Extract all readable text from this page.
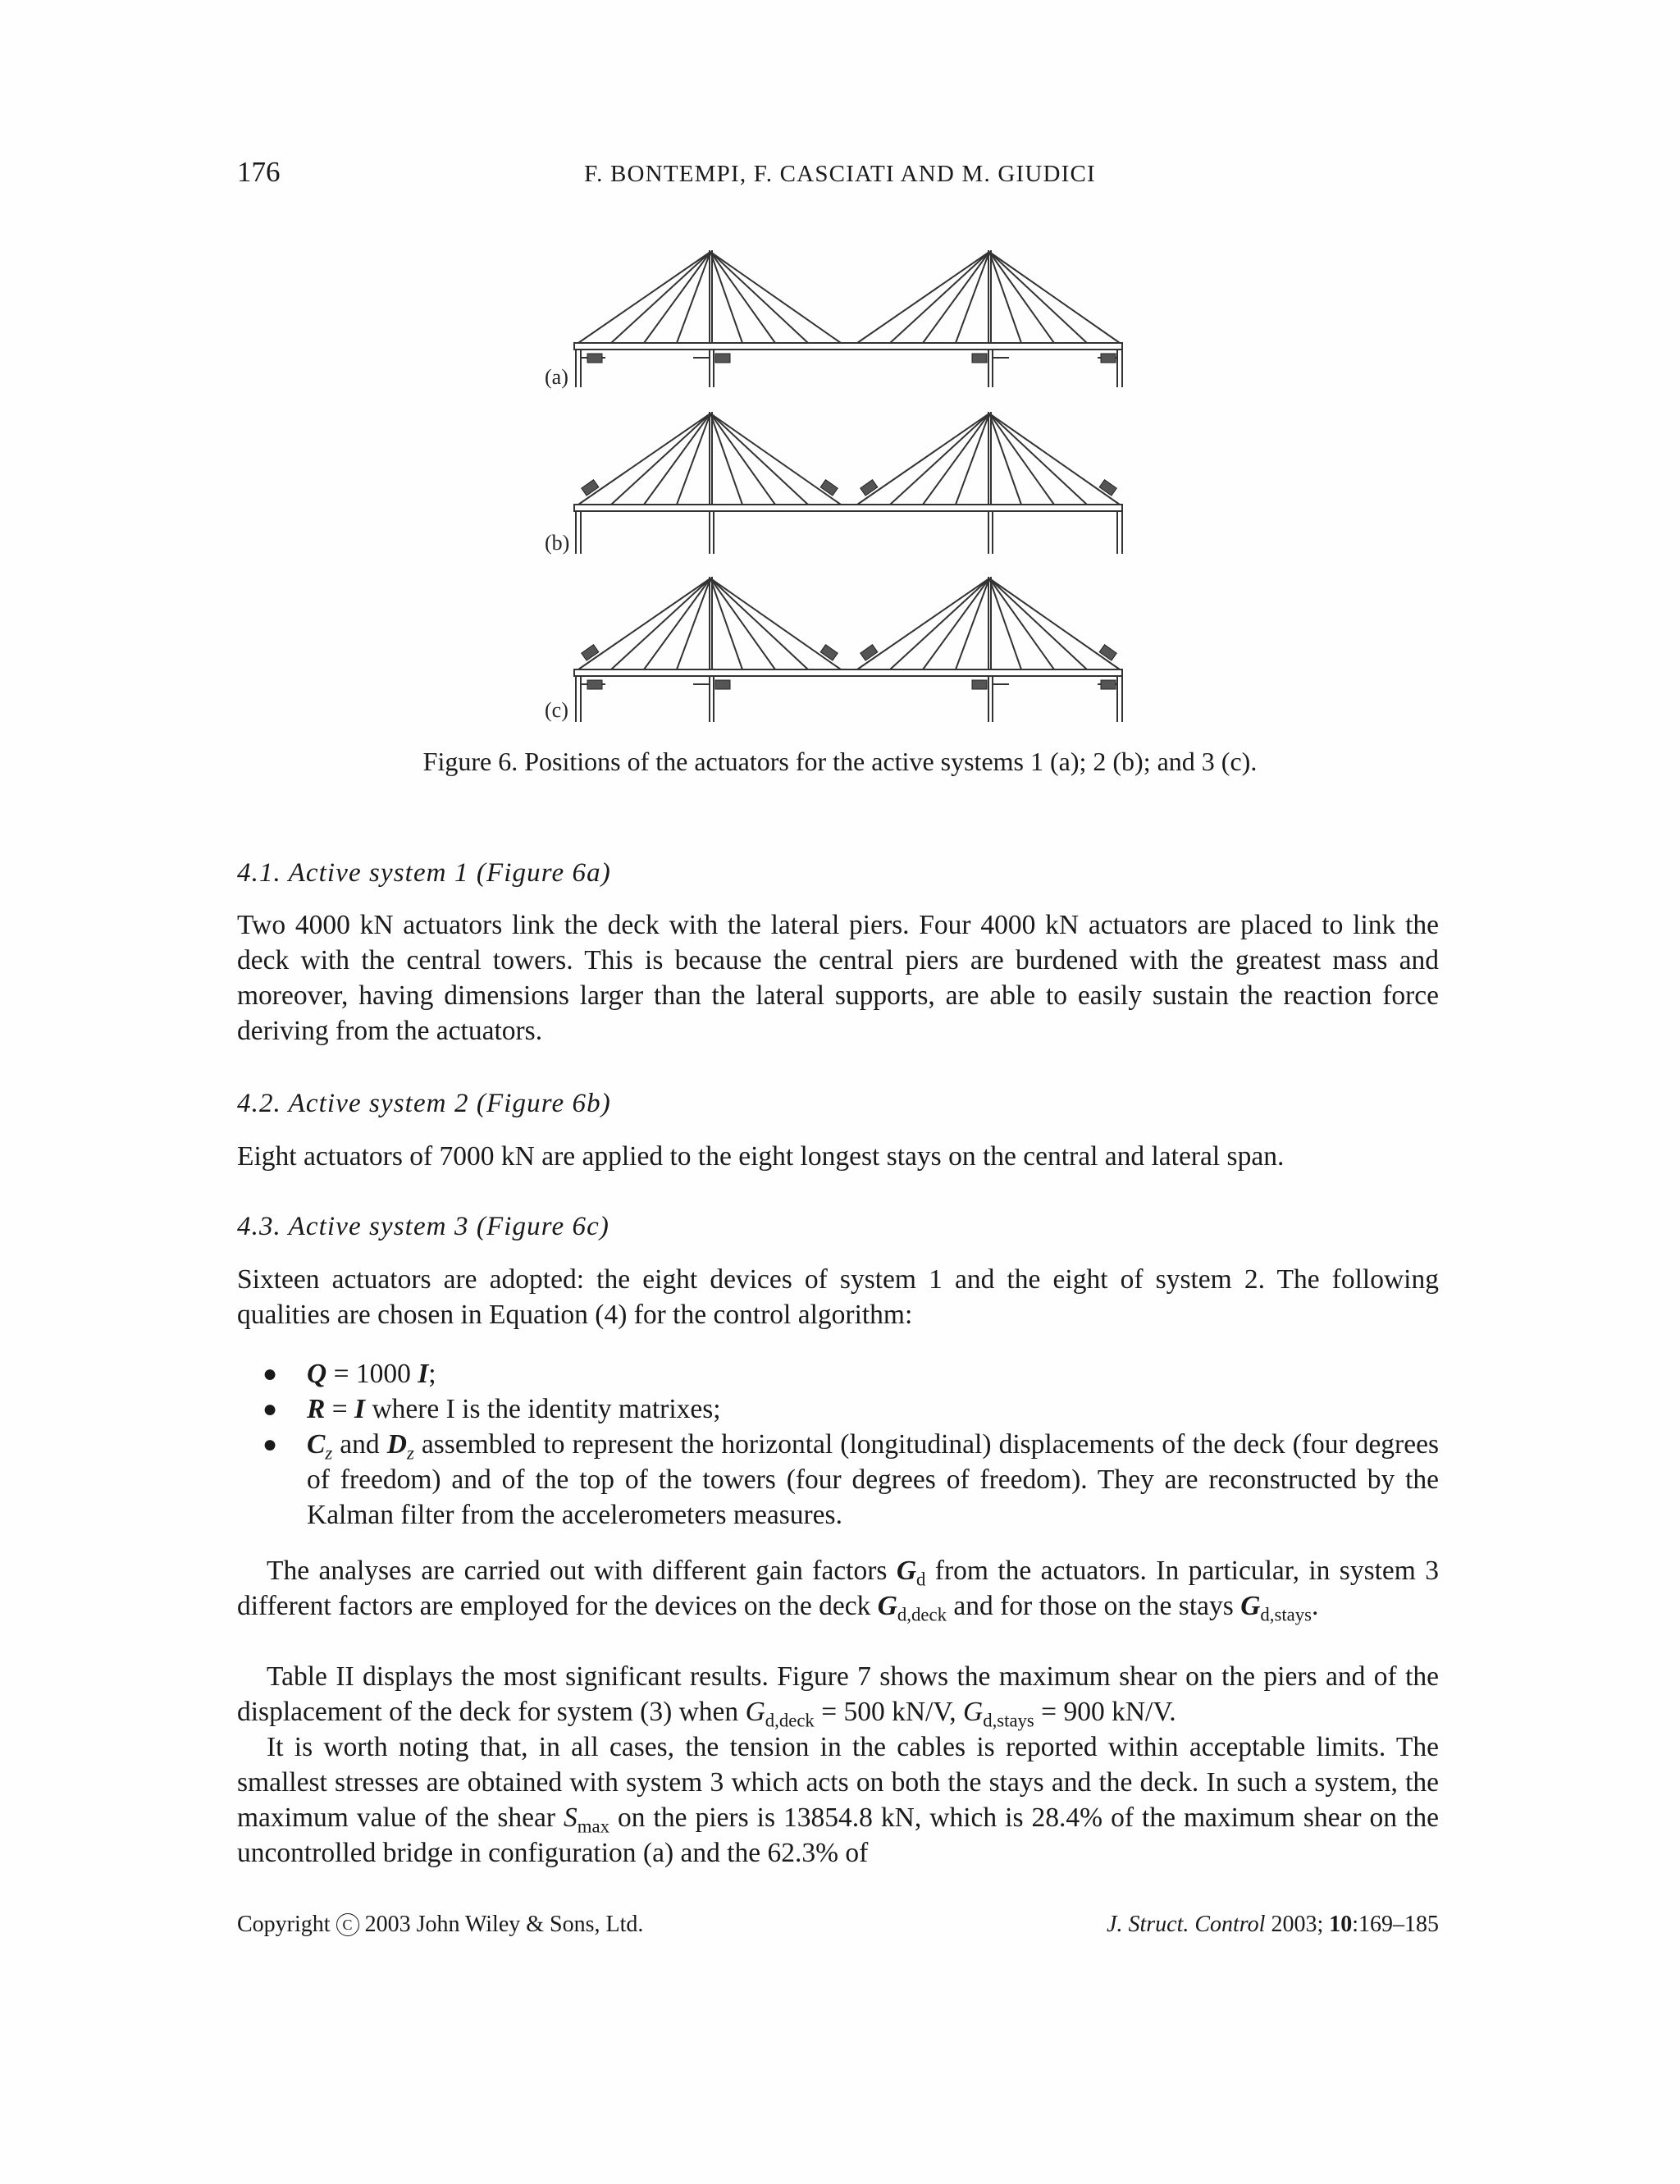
176	F. BONTEMPI, F. CASCIATI AND M. GIUDICI
(a)
(b)
(c)
Figure 6. Positions of the actuators for the active systems 1 (a); 2 (b); and 3 (c).
4.1. Active system 1 (Figure 6a)
Two 4000 kN actuators link the deck with the lateral piers. Four 4000 kN actuators are placed to link the deck with the central towers. This is because the central piers are burdened with the greatest mass and moreover, having dimensions larger than the lateral supports, are able to easily sustain the reaction force deriving from the actuators.
4.2. Active system 2 (Figure 6b)
Eight actuators of 7000 kN are applied to the eight longest stays on the central and lateral span.
4.3. Active system 3 (Figure 6c)
Sixteen actuators are adopted: the eight devices of system 1 and the eight of system 2. The following qualities are chosen in Equation (4) for the control algorithm:
● Q = 1000 I;
● R = I where I is the identity matrixes;
● $C_z$ and $D_z$ assembled to represent the horizontal (longitudinal) displacements of the deck (four degrees of freedom) and of the top of the towers (four degrees of freedom). They are reconstructed by the Kalman filter from the accelerometers measures.
The analyses are carried out with different gain factors $G_d$ from the actuators. In particular, in system 3 different factors are employed for the devices on the deck $G_{d,deck}$ and for those on the stays $G_{d,stays}$.
Table II displays the most significant results. Figure 7 shows the maximum shear on the piers and of the displacement of the deck for system (3) when $G_{d,deck} = 500$ kN/V, $G_{d,stays} = 900$ kN/V.
It is worth noting that, in all cases, the tension in the cables is reported within acceptable limits. The smallest stresses are obtained with system 3 which acts on both the stays and the deck. In such a system, the maximum value of the shear $S_{max}$ on the piers is 13854.8 kN, which is 28.4% of the maximum shear on the uncontrolled bridge in configuration (a) and the 62.3% of
Copyright C 2003 John Wiley & Sons, Ltd.	J. Struct. Control 2003; 10:169–185
